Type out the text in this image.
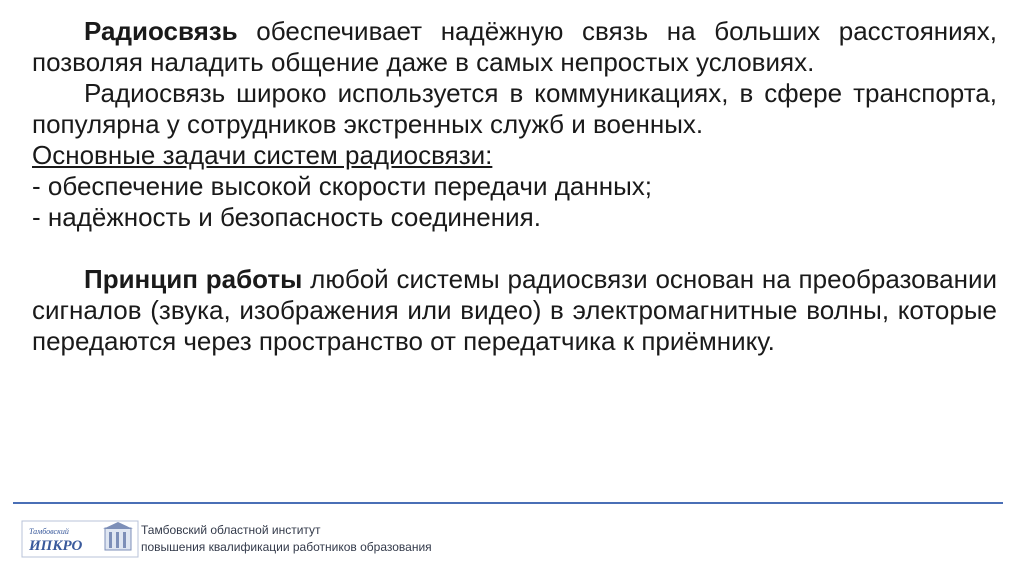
Радиосвязь обеспечивает надёжную связь на больших расстояниях, позволяя наладить общение даже в самых непростых условиях.

Радиосвязь широко используется в коммуникациях, в сфере транспорта, популярна у сотрудников экстренных служб и военных.

Основные задачи систем радиосвязи:

- обеспечение высокой скорости передачи данных;

- надёжность и безопасность соединения.

Принцип работы любой системы радиосвязи основан на преобразовании сигналов (звука, изображения или видео) в электромагнитные волны, которые передаются через пространство от передатчика к приёмнику.

Тамбовский
ИПКРО
Тамбовский областной институт
повышения квалификации работников образования
